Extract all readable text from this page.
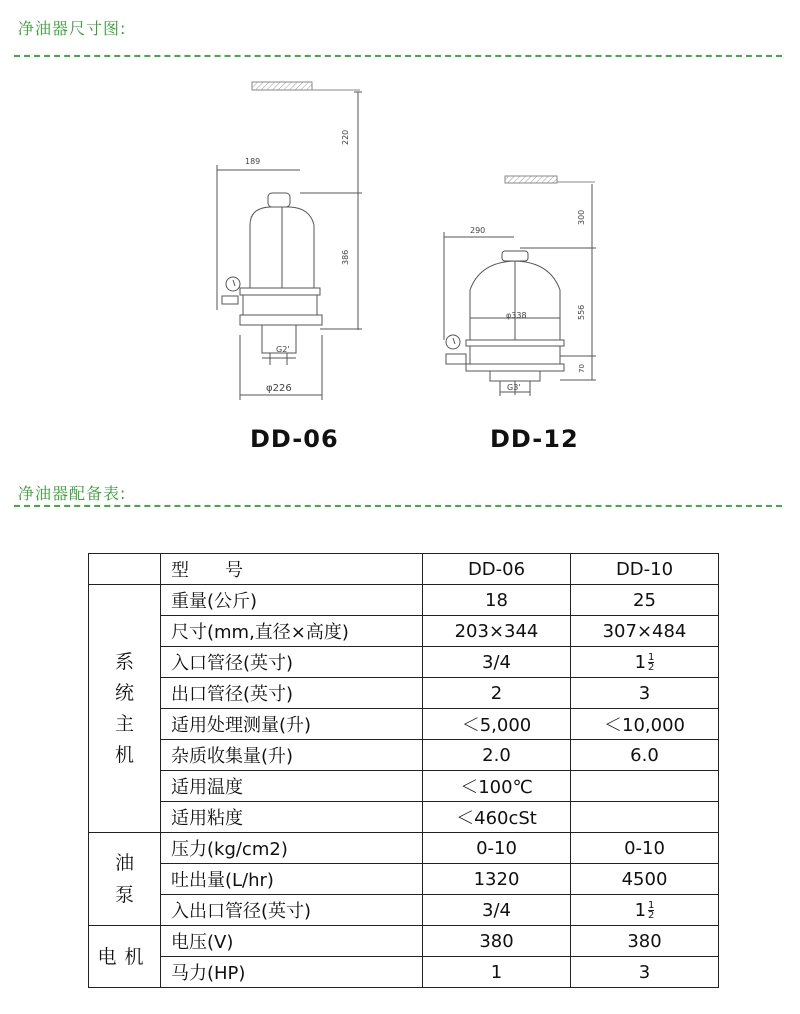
净油器尺寸图:
220
189
386
G2'
φ226
300
290
φ338	556
70
G3'
DD-06	DD-12
净油器配备表:
	型　　号	DD-06	DD-10

系统主机	重量(公斤)	18	25
	尺寸(mm,直径×高度)	203×344	307×484
	入口管径(英寸)	3/4	$1 \frac{1}{2}$

	出口管径(英寸)	2	3
	适用处理测量(升)	＜5,000	＜10,000
	杂质收集量(升)	2.0	6.0
	适用温度	＜100℃	
	适用粘度	＜460cSt	

油泵	压力(kg/cm2)	0-10	0-10
	吐出量(L/hr)	1320	4500
	入出口管径(英寸)	3/4	$1 \frac{1}{2}$

电机	电压(V)	380	380
	马力(HP)	1	3
